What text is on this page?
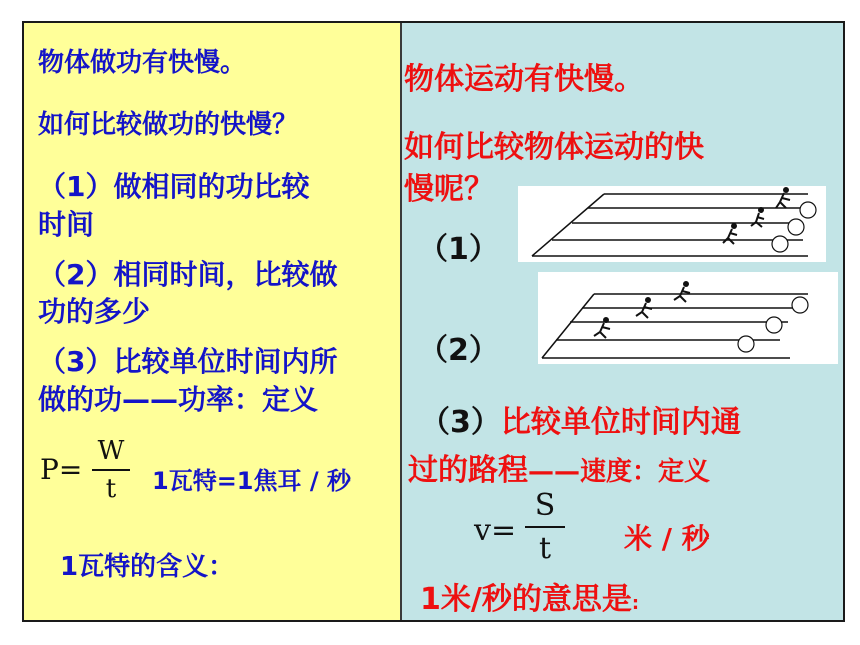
物体做功有快慢。

如何比较做功的快慢？

（1）做相同的功比较

时间

（2）相同时间，比较做

功的多少

（3）比较单位时间内所

做的功——功率：定义

P=

W
t 1瓦特=1焦耳 / 秒

1瓦特的含义：

物体运动有快慢。

如何比较物体运动的快

慢呢？

（1）

（2）

（3）比较单位时间内通

过的路程——速度：定义

v=

S
t	米 / 秒

1米/秒的意思是:
